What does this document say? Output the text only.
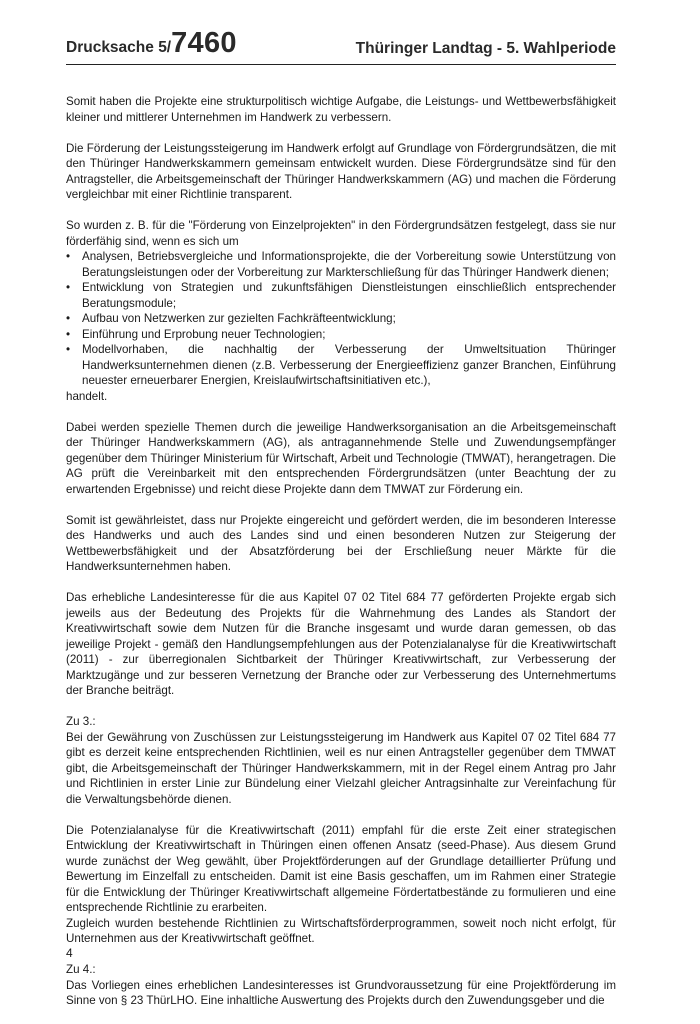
Drucksache 5/7460	Thüringer Landtag - 5. Wahlperiode

Somit haben die Projekte eine strukturpolitisch wichtige Aufgabe, die Leistungs- und Wettbewerbsfähigkeit kleiner und mittlerer Unternehmen im Handwerk zu verbessern.

Die Förderung der Leistungssteigerung im Handwerk erfolgt auf Grundlage von Fördergrundsätzen, die mit den Thüringer Handwerkskammern gemeinsam entwickelt wurden. Diese Fördergrundsätze sind für den Antragsteller, die Arbeitsgemeinschaft der Thüringer Handwerkskammern (AG) und machen die Förderung vergleichbar mit einer Richtlinie transparent.

So wurden z. B. für die "Förderung von Einzelprojekten" in den Fördergrundsätzen festgelegt, dass sie nur förderfähig sind, wenn es sich um

• Analysen, Betriebsvergleiche und Informationsprojekte, die der Vorbereitung sowie Unterstützung von Beratungsleistungen oder der Vorbereitung zur Markterschließung für das Thüringer Handwerk dienen;
• Entwicklung von Strategien und zukunftsfähigen Dienstleistungen einschließlich entsprechender Beratungsmodule;
• Aufbau von Netzwerken zur gezielten Fachkräfteentwicklung;
• Einführung und Erprobung neuer Technologien;
• Modellvorhaben, die nachhaltig der Verbesserung der Umweltsituation Thüringer Handwerksunternehmen dienen (z.B. Verbesserung der Energieeffizienz ganzer Branchen, Einführung neuester erneuerbarer Energien, Kreislaufwirtschaftsinitiativen etc.),

handelt.

Dabei werden spezielle Themen durch die jeweilige Handwerksorganisation an die Arbeitsgemeinschaft der Thüringer Handwerkskammern (AG), als antragannehmende Stelle und Zuwendungsempfänger gegenüber dem Thüringer Ministerium für Wirtschaft, Arbeit und Technologie (TMWAT), herangetragen. Die AG prüft die Vereinbarkeit mit den entsprechenden Fördergrundsätzen (unter Beachtung der zu erwartenden Ergebnisse) und reicht diese Projekte dann dem TMWAT zur Förderung ein.

Somit ist gewährleistet, dass nur Projekte eingereicht und gefördert werden, die im besonderen Interesse des Handwerks und auch des Landes sind und einen besonderen Nutzen zur Steigerung der Wettbewerbsfähigkeit und der Absatzförderung bei der Erschließung neuer Märkte für die Handwerksunternehmen haben.

Das erhebliche Landesinteresse für die aus Kapitel 07 02 Titel 684 77 geförderten Projekte ergab sich jeweils aus der Bedeutung des Projekts für die Wahrnehmung des Landes als Standort der Kreativwirtschaft sowie dem Nutzen für die Branche insgesamt und wurde daran gemessen, ob das jeweilige Projekt - gemäß den Handlungsempfehlungen aus der Potenzialanalyse für die Kreativwirtschaft (2011) - zur überregionalen Sichtbarkeit der Thüringer Kreativwirtschaft, zur Verbesserung der Marktzugänge und zur besseren Vernetzung der Branche oder zur Verbesserung des Unternehmertums der Branche beiträgt.

Zu 3.:

Bei der Gewährung von Zuschüssen zur Leistungssteigerung im Handwerk aus Kapitel 07 02 Titel 684 77 gibt es derzeit keine entsprechenden Richtlinien, weil es nur einen Antragsteller gegenüber dem TMWAT gibt, die Arbeitsgemeinschaft der Thüringer Handwerkskammern, mit in der Regel einem Antrag pro Jahr und Richtlinien in erster Linie zur Bündelung einer Vielzahl gleicher Antragsinhalte zur Vereinfachung für die Verwaltungsbehörde dienen.

Die Potenzialanalyse für die Kreativwirtschaft (2011) empfahl für die erste Zeit einer strategischen Entwicklung der Kreativwirtschaft in Thüringen einen offenen Ansatz (seed-Phase). Aus diesem Grund wurde zunächst der Weg gewählt, über Projektförderungen auf der Grundlage detaillierter Prüfung und Bewertung im Einzelfall zu entscheiden. Damit ist eine Basis geschaffen, um im Rahmen einer Strategie für die Entwicklung der Thüringer Kreativwirtschaft allgemeine Fördertatbestände zu formulieren und eine entsprechende Richtlinie zu erarbeiten.

Zugleich wurden bestehende Richtlinien zu Wirtschaftsförderprogrammen, soweit noch nicht erfolgt, für Unternehmen aus der Kreativwirtschaft geöffnet.

Zu 4.:

Das Vorliegen eines erheblichen Landesinteresses ist Grundvoraussetzung für eine Projektförderung im Sinne von § 23 ThürLHO. Eine inhaltliche Auswertung des Projekts durch den Zuwendungsgeber und die

4
